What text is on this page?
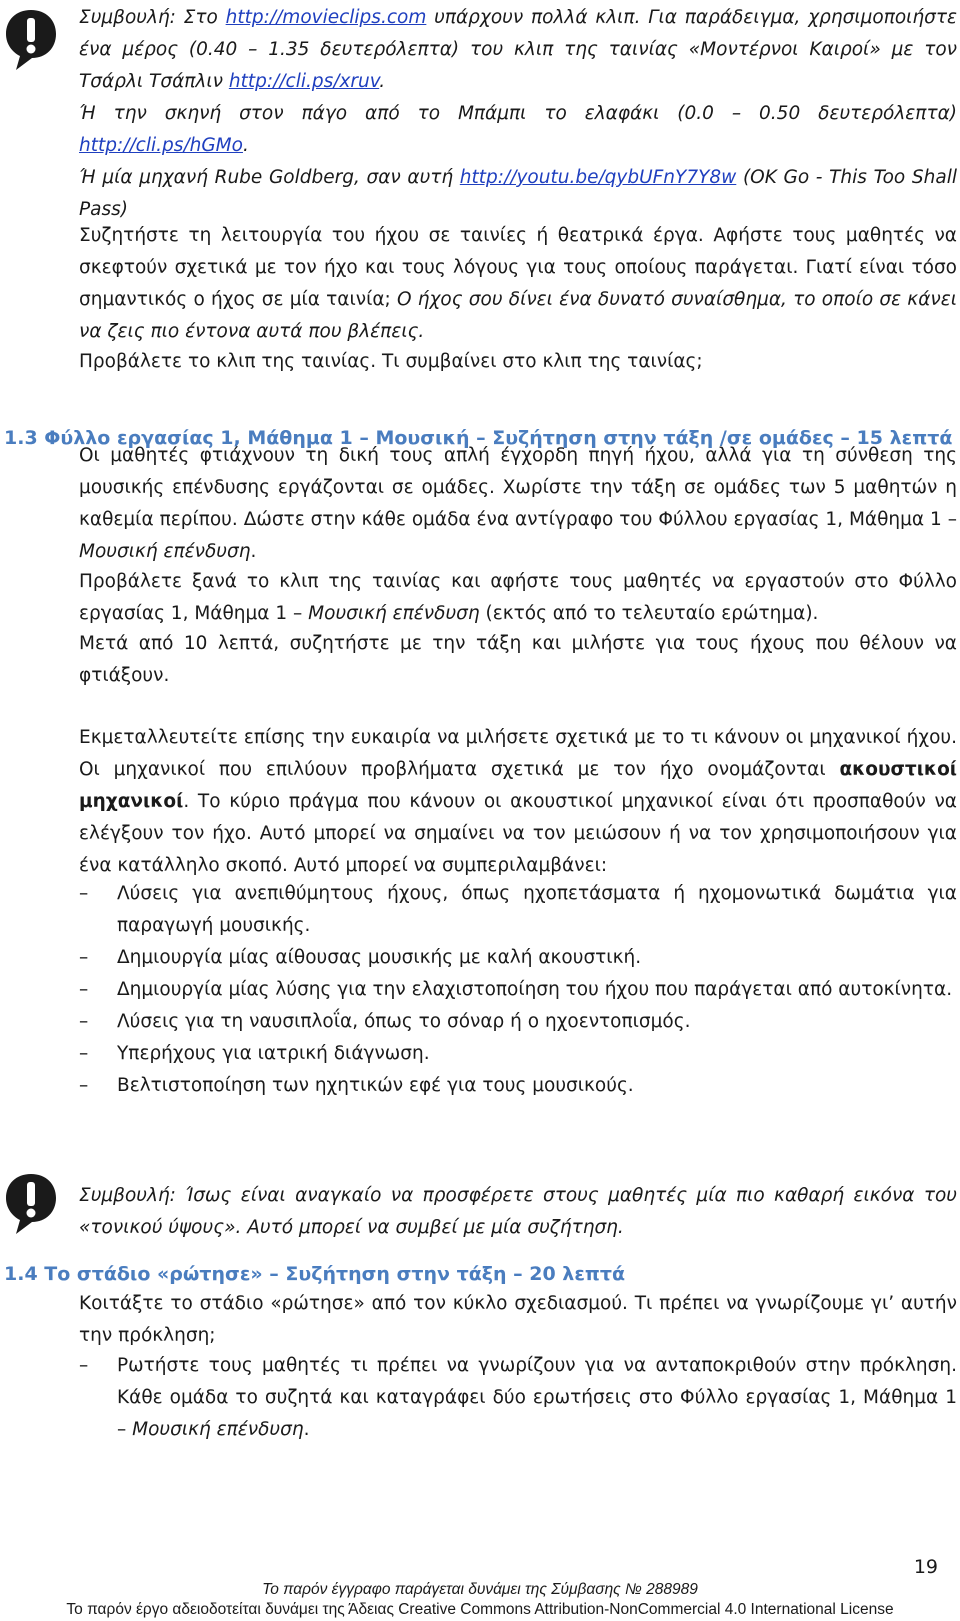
Συμβουλή: Στο http://movieclips.com υπάρχουν πολλά κλιπ. Για παράδειγμα, χρησιμοποιήστε ένα μέρος (0.40 – 1.35 δευτερόλεπτα) του κλιπ της ταινίας «Μοντέρνοι Καιροί» με τον Τσάρλι Τσάπλιν http://cli.ps/xruv.
Ή την σκηνή στον πάγο από το Μπάμπι το ελαφάκι (0.0 – 0.50 δευτερόλεπτα) http://cli.ps/hGMo.
Ή μία μηχανή Rube Goldberg, σαν αυτή http://youtu.be/qybUFnY7Y8w (OK Go - This Too Shall Pass)
Συζητήστε τη λειτουργία του ήχου σε ταινίες ή θεατρικά έργα. Αφήστε τους μαθητές να σκεφτούν σχετικά με τον ήχο και τους λόγους για τους οποίους παράγεται. Γιατί είναι τόσο σημαντικός ο ήχος σε μία ταινία; Ο ήχος σου δίνει ένα δυνατό συναίσθημα, το οποίο σε κάνει να ζεις πιο έντονα αυτά που βλέπεις.
Προβάλετε το κλιπ της ταινίας. Τι συμβαίνει στο κλιπ της ταινίας;
1.3 Φύλλο εργασίας 1, Μάθημα 1 – Μουσική – Συζήτηση στην τάξη /σε ομάδες – 15 λεπτά
Οι μαθητές φτιάχνουν τη δική τους απλή έγχορδη πηγή ήχου, αλλά για τη σύνθεση της μουσικής επένδυσης εργάζονται σε ομάδες. Χωρίστε την τάξη σε ομάδες των 5 μαθητών η καθεμία περίπου. Δώστε στην κάθε ομάδα ένα αντίγραφο του Φύλλου εργασίας 1, Μάθημα 1 – Μουσική επένδυση.
Προβάλετε ξανά το κλιπ της ταινίας και αφήστε τους μαθητές να εργαστούν στο Φύλλο εργασίας 1, Μάθημα 1 – Μουσική επένδυση (εκτός από το τελευταίο ερώτημα).
Μετά από 10 λεπτά, συζητήστε με την τάξη και μιλήστε για τους ήχους που θέλουν να φτιάξουν.
Εκμεταλλευτείτε επίσης την ευκαιρία να μιλήσετε σχετικά με το τι κάνουν οι μηχανικοί ήχου. Οι μηχανικοί που επιλύουν προβλήματα σχετικά με τον ήχο ονομάζονται ακουστικοί μηχανικοί. Το κύριο πράγμα που κάνουν οι ακουστικοί μηχανικοί είναι ότι προσπαθούν να ελέγξουν τον ήχο. Αυτό μπορεί να σημαίνει να τον μειώσουν ή να τον χρησιμοποιήσουν για ένα κατάλληλο σκοπό. Αυτό μπορεί να συμπεριλαμβάνει:
– Λύσεις για ανεπιθύμητους ήχους, όπως ηχοπετάσματα ή ηχομονωτικά δωμάτια για παραγωγή μουσικής.
– Δημιουργία μίας αίθουσας μουσικής με καλή ακουστική.
– Δημιουργία μίας λύσης για την ελαχιστοποίηση του ήχου που παράγεται από αυτοκίνητα.
– Λύσεις για τη ναυσιπλοΐα, όπως το σόναρ ή ο ηχοεντοπισμός.
– Υπερήχους για ιατρική διάγνωση.
– Βελτιστοποίηση των ηχητικών εφέ για τους μουσικούς.
Συμβουλή: Ίσως είναι αναγκαίο να προσφέρετε στους μαθητές μία πιο καθαρή εικόνα του «τονικού ύψους». Αυτό μπορεί να συμβεί με μία συζήτηση.
1.4 Το στάδιο «ρώτησε» – Συζήτηση στην τάξη – 20 λεπτά
Κοιτάξτε το στάδιο «ρώτησε» από τον κύκλο σχεδιασμού. Τι πρέπει να γνωρίζουμε γι’ αυτήν την πρόκληση;
– Ρωτήστε τους μαθητές τι πρέπει να γνωρίζουν για να ανταποκριθούν στην πρόκληση. Κάθε ομάδα το συζητά και καταγράφει δύο ερωτήσεις στο Φύλλο εργασίας 1, Μάθημα 1 – Μουσική επένδυση.
19
Το παρόν έγγραφο παράγεται δυνάμει της Σύμβασης № 288989
Το παρόν έργο αδειοδοτείται δυνάμει της Άδειας Creative Commons Attribution-NonCommercial 4.0 International License
